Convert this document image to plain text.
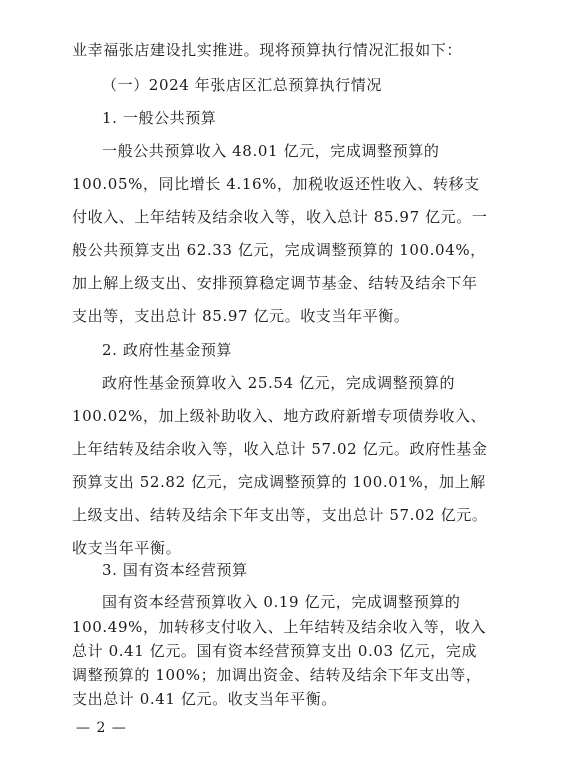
业幸福张店建设扎实推进。现将预算执行情况汇报如下：
（一）2024 年张店区汇总预算执行情况
1. 一般公共预算
一般公共预算收入 48.01 亿元，完成调整预算的
100.05%，同比增长 4.16%，加税收返还性收入、转移支
付收入、上年结转及结余收入等，收入总计 85.97 亿元。一
般公共预算支出 62.33 亿元，完成调整预算的 100.04%，
加上解上级支出、安排预算稳定调节基金、结转及结余下年
支出等，支出总计 85.97 亿元。收支当年平衡。
2. 政府性基金预算
政府性基金预算收入 25.54 亿元，完成调整预算的
100.02%，加上级补助收入、地方政府新增专项债券收入、
上年结转及结余收入等，收入总计 57.02 亿元。政府性基金
预算支出 52.82 亿元，完成调整预算的 100.01%，加上解
上级支出、结转及结余下年支出等，支出总计 57.02 亿元。
收支当年平衡。
3. 国有资本经营预算
国有资本经营预算收入 0.19 亿元，完成调整预算的
100.49%，加转移支付收入、上年结转及结余收入等，收入
总计 0.41 亿元。国有资本经营预算支出 0.03 亿元，完成
调整预算的 100%；加调出资金、结转及结余下年支出等，
支出总计 0.41 亿元。收支当年平衡。
— 2 —
